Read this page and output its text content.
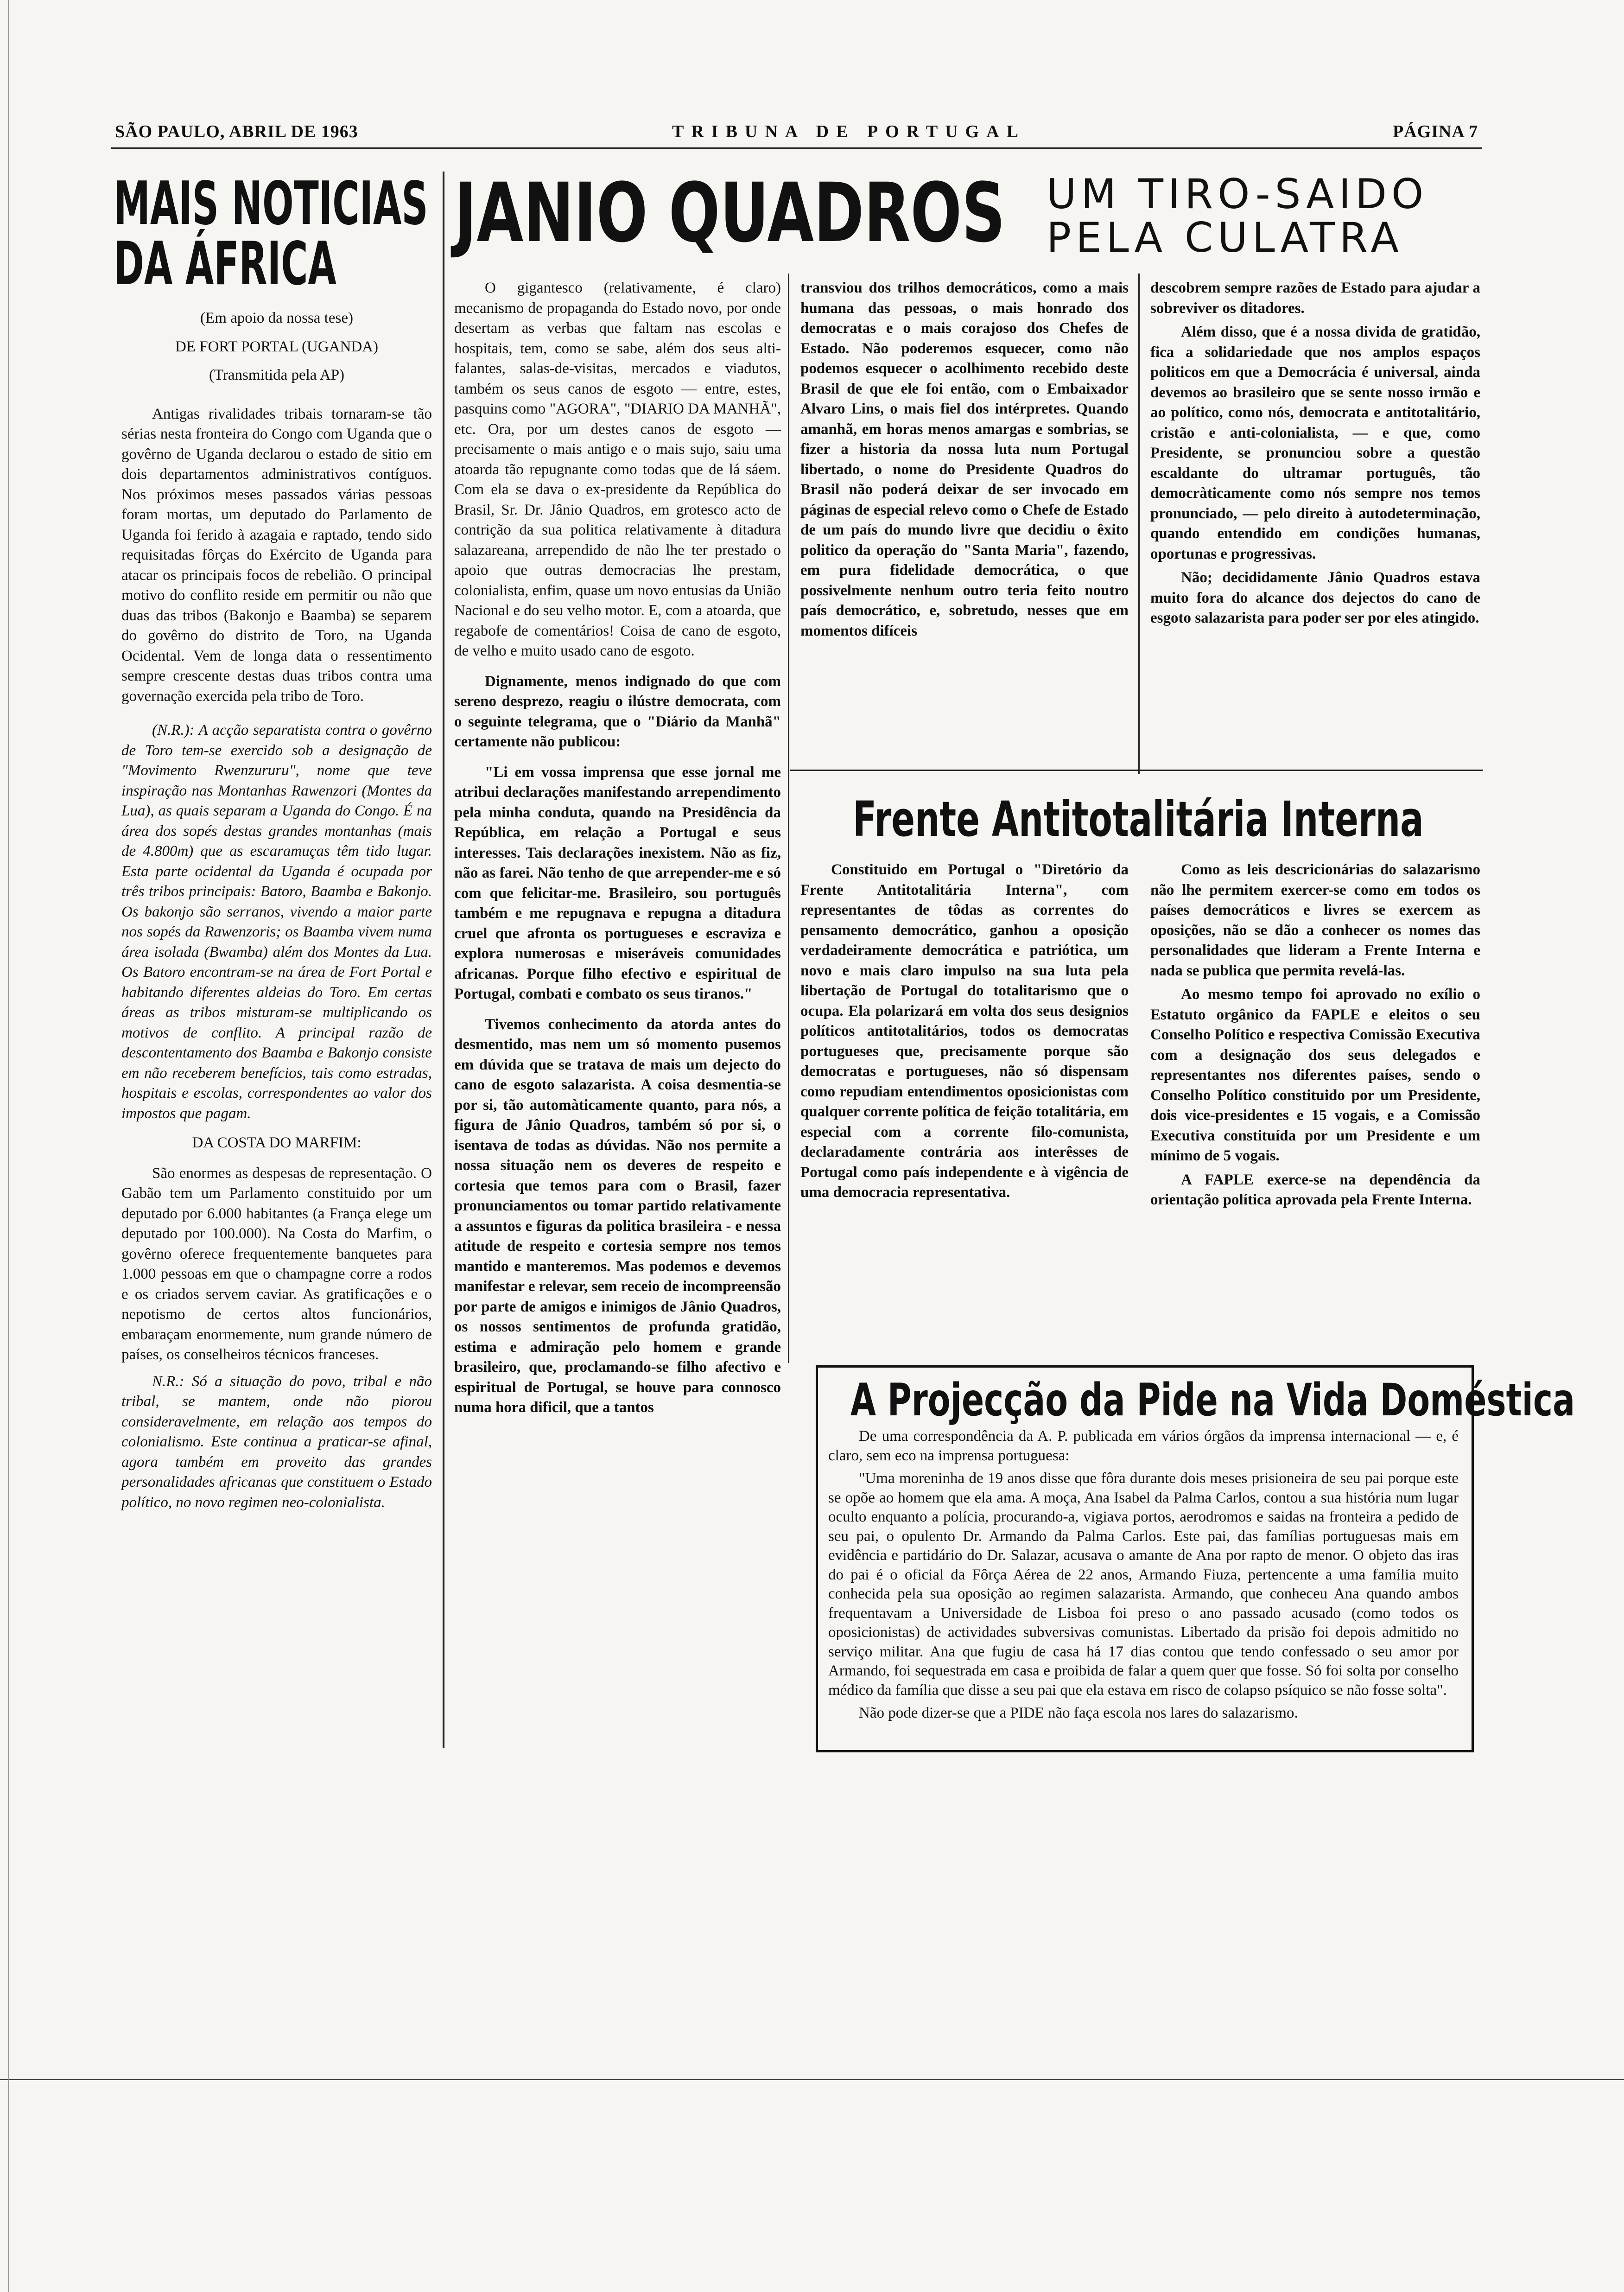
SÃO PAULO, ABRIL DE 1963	TRIBUNA DE PORTUGAL	PÁGINA 7
MAIS NOTICIAS
DA ÁFRICA

(Em apoio da nossa tese)

DE FORT PORTAL (UGANDA)

(Transmitida pela AP)

Antigas rivalidades tribais tornaram-se tão sérias nesta fronteira do Congo com Uganda que o govêrno de Uganda declarou o estado de sitio em dois departamentos administrativos contíguos. Nos próximos meses passados várias pessoas foram mortas, um deputado do Parlamento de Uganda foi ferido à azagaia e raptado, tendo sido requisitadas fôrças do Exército de Uganda para atacar os principais focos de rebelião. O principal motivo do conflito reside em permitir ou não que duas das tribos (Bakonjo e Baamba) se separem do govêrno do distrito de Toro, na Uganda Ocidental. Vem de longa data o ressentimento sempre crescente destas duas tribos contra uma governação exercida pela tribo de Toro.

(N.R.): A acção separatista contra o govêrno de Toro tem-se exercido sob a designação de "Movimento Rwenzururu", nome que teve inspiração nas Montanhas Rawenzori (Montes da Lua), as quais separam a Uganda do Congo. É na área dos sopés destas grandes montanhas (mais de 4.800m) que as escaramuças têm tido lugar. Esta parte ocidental da Uganda é ocupada por três tribos principais: Batoro, Baamba e Bakonjo. Os bakonjo são serranos, vivendo a maior parte nos sopés da Rawenzoris; os Baamba vivem numa área isolada (Bwamba) além dos Montes da Lua. Os Batoro encontram-se na área de Fort Portal e habitando diferentes aldeias do Toro. Em certas áreas as tribos misturam-se multiplicando os motivos de conflito. A principal razão de descontentamento dos Baamba e Bakonjo consiste em não receberem benefícios, tais como estradas, hospitais e escolas, correspondentes ao valor dos impostos que pagam.

DA COSTA DO MARFIM:

São enormes as despesas de representação. O Gabão tem um Parlamento constituido por um deputado por 6.000 habitantes (a França elege um deputado por 100.000). Na Costa do Marfim, o govêrno oferece frequentemente banquetes para 1.000 pessoas em que o champagne corre a rodos e os criados servem caviar. As gratificações e o nepotismo de certos altos funcionários, embaraçam enormemente, num grande número de países, os conselheiros técnicos franceses.

N.R.: Só a situação do povo, tribal e não tribal, se mantem, onde não piorou consideravelmente, em relação aos tempos do colonialismo. Este continua a praticar-se afinal, agora também em proveito das grandes personalidades africanas que constituem o Estado político, no novo regimen neo-colonialista.

JANIO QUADROS UM TIRO-SAIDO
PELA CULATRA

O gigantesco (relativamente, é claro) mecanismo de propaganda do Estado novo, por onde desertam as verbas que faltam nas escolas e hospitais, tem, como se sabe, além dos seus alti-falantes, salas-de-visitas, mercados e viadutos, também os seus canos de esgoto — entre, estes, pasquins como "AGORA", "DIARIO DA MANHÃ", etc. Ora, por um destes canos de esgoto — precisamente o mais antigo e o mais sujo, saiu uma atoarda tão repugnante como todas que de lá sáem. Com ela se dava o ex-presidente da República do Brasil, Sr. Dr. Jânio Quadros, em grotesco acto de contrição da sua politica relativamente à ditadura salazareana, arrependido de não lhe ter prestado o apoio que outras democracias lhe prestam, colonialista, enfim, quase um novo entusias da União Nacional e do seu velho motor. E, com a atoarda, que regabofe de comentários! Coisa de cano de esgoto, de velho e muito usado cano de esgoto.

Dignamente, menos indignado do que com sereno desprezo, reagiu o ilústre democrata, com o seguinte telegrama, que o "Diário da Manhã" certamente não publicou:

"Li em vossa imprensa que esse jornal me atribui declarações manifestando arrependimento pela minha conduta, quando na Presidência da República, em relação a Portugal e seus interesses. Tais declarações inexistem. Não as fiz, não as farei. Não tenho de que arrepender-me e só com que felicitar-me. Brasileiro, sou português também e me repugnava e repugna a ditadura cruel que afronta os portugueses e escraviza e explora numerosas e miseráveis comunidades africanas. Porque filho efectivo e espiritual de Portugal, combati e combato os seus tiranos."

Tivemos conhecimento da atorda antes do desmentido, mas nem um só momento pusemos em dúvida que se tratava de mais um dejecto do cano de esgoto salazarista. A coisa desmentia-se por si, tão automàticamente quanto, para nós, a figura de Jânio Quadros, também só por si, o isentava de todas as dúvidas. Não nos permite a nossa situação nem os deveres de respeito e cortesia que temos para com o Brasil, fazer pronunciamentos ou tomar partido relativamente a assuntos e figuras da politica brasileira - e nessa atitude de respeito e cortesia sempre nos temos mantido e manteremos. Mas podemos e devemos manifestar e relevar, sem receio de incompreensão por parte de amigos e inimigos de Jânio Quadros, os nossos sentimentos de profunda gratidão, estima e admiração pelo homem e grande brasileiro, que, proclamando-se filho afectivo e espiritual de Portugal, se houve para connosco numa hora dificil, que a tantos

transviou dos trilhos democráticos, como a mais humana das pessoas, o mais honrado dos democratas e o mais corajoso dos Chefes de Estado. Não poderemos esquecer, como não podemos esquecer o acolhimento recebido deste Brasil de que ele foi então, com o Embaixador Alvaro Lins, o mais fiel dos intérpretes. Quando amanhã, em horas menos amargas e sombrias, se fizer a historia da nossa luta num Portugal libertado, o nome do Presidente Quadros do Brasil não poderá deixar de ser invocado em páginas de especial relevo como o Chefe de Estado de um país do mundo livre que decidiu o êxito politico da operação do "Santa Maria", fazendo, em pura fidelidade democrática, o que possivelmente nenhum outro teria feito noutro país democrático, e, sobretudo, nesses que em momentos difíceis

descobrem sempre razões de Estado para ajudar a sobreviver os ditadores.

Além disso, que é a nossa divida de gratidão, fica a solidariedade que nos amplos espaços politicos em que a Democrácia é universal, ainda devemos ao brasileiro que se sente nosso irmão e ao político, como nós, democrata e antitotalitário, cristão e anti-colonialista, — e que, como Presidente, se pronunciou sobre a questão escaldante do ultramar português, tão democràticamente como nós sempre nos temos pronunciado, — pelo direito à autodeterminação, quando entendido em condições humanas, oportunas e progressivas.

Não; decididamente Jânio Quadros estava muito fora do alcance dos dejectos do cano de esgoto salazarista para poder ser por eles atingido.

Frente Antitotalitária Interna

Constituido em Portugal o "Diretório da Frente Antitotalitária Interna", com representantes de tôdas as correntes do pensamento democrático, ganhou a oposição verdadeiramente democrática e patriótica, um novo e mais claro impulso na sua luta pela libertação de Portugal do totalitarismo que o ocupa. Ela polarizará em volta dos seus designios políticos antitotalitários, todos os democratas portugueses que, precisamente porque são democratas e portugueses, não só dispensam como repudiam entendimentos oposicionistas com qualquer corrente política de feição totalitária, em especial com a corrente filo-comunista, declaradamente contrária aos interêsses de Portugal como país independente e à vigência de uma democracia representativa.

Como as leis descricionárias do salazarismo não lhe permitem exercer-se como em todos os países democráticos e livres se exercem as oposições, não se dão a conhecer os nomes das personalidades que lideram a Frente Interna e nada se publica que permita revelá-las.

Ao mesmo tempo foi aprovado no exílio o Estatuto orgânico da FAPLE e eleitos o seu Conselho Político e respectiva Comissão Executiva com a designação dos seus delegados e representantes nos diferentes países, sendo o Conselho Político constituido por um Presidente, dois vice-presidentes e 15 vogais, e a Comissão Executiva constituída por um Presidente e um mínimo de 5 vogais.

A FAPLE exerce-se na dependência da orientação política aprovada pela Frente Interna.

A Projecção da Pide na Vida Doméstica

De uma correspondência da A. P. publicada em vários órgãos da imprensa internacional — e, é claro, sem eco na imprensa portuguesa:

"Uma moreninha de 19 anos disse que fôra durante dois meses prisioneira de seu pai porque este se opõe ao homem que ela ama. A moça, Ana Isabel da Palma Carlos, contou a sua história num lugar oculto enquanto a polícia, procurando-a, vigiava portos, aerodromos e saidas na fronteira a pedido de seu pai, o opulento Dr. Armando da Palma Carlos. Este pai, das famílias portuguesas mais em evidência e partidário do Dr. Salazar, acusava o amante de Ana por rapto de menor. O objeto das iras do pai é o oficial da Fôrça Aérea de 22 anos, Armando Fiuza, pertencente a uma família muito conhecida pela sua oposição ao regimen salazarista. Armando, que conheceu Ana quando ambos frequentavam a Universidade de Lisboa foi preso o ano passado acusado (como todos os oposicionistas) de actividades subversivas comunistas. Libertado da prisão foi depois admitido no serviço militar. Ana que fugiu de casa há 17 dias contou que tendo confessado o seu amor por Armando, foi sequestrada em casa e proibida de falar a quem quer que fosse. Só foi solta por conselho médico da família que disse a seu pai que ela estava em risco de colapso psíquico se não fosse solta".

Não pode dizer-se que a PIDE não faça escola nos lares do salazarismo.
